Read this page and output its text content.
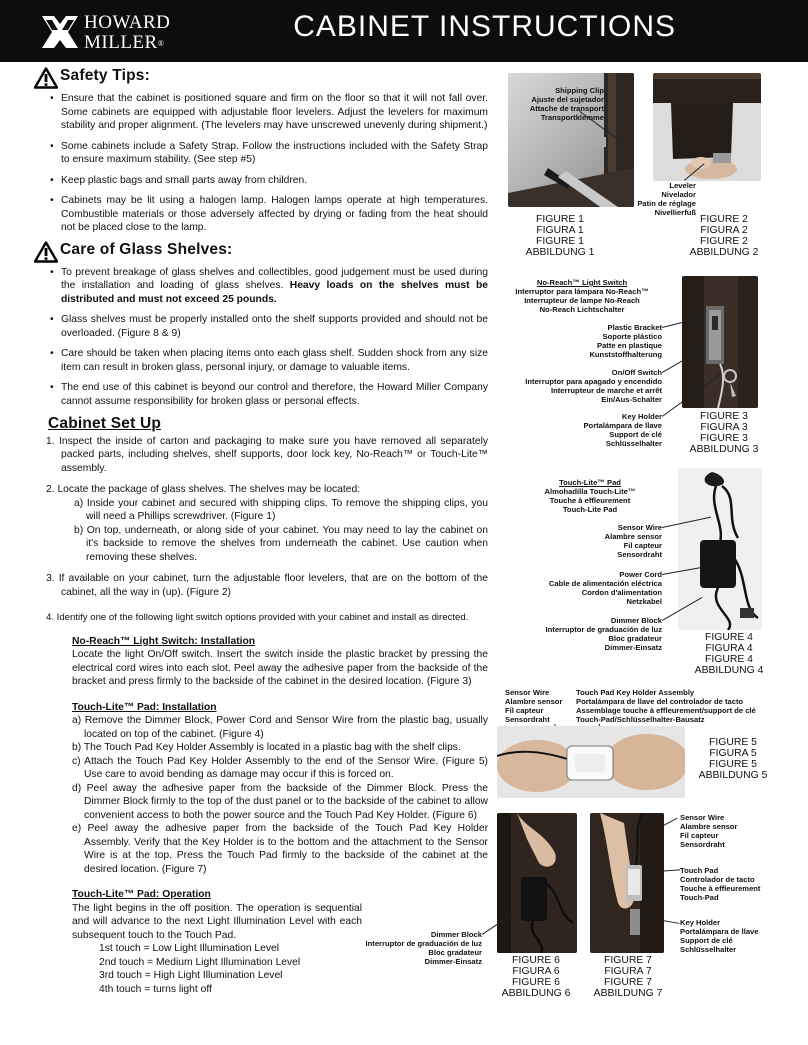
HOWARD
MILLER®
CABINET INSTRUCTIONS
Safety Tips:
• Ensure that the cabinet is positioned square and firm on the floor so that it will not fall over. Some cabinets are equipped with adjustable floor levelers. Adjust the levelers for maximum stability and proper alignment. (The levelers may have unscrewed unevenly during shipment.)
• Some cabinets include a Safety Strap. Follow the instructions included with the Safety Strap to ensure maximum stability. (See step #5)
• Keep plastic bags and small parts away from children.
• Cabinets may be lit using a halogen lamp. Halogen lamps operate at high temperatures. Combustible materials or those adversely affected by drying or fading from the heat should not be placed close to the lamp.
Care of Glass Shelves:
• To prevent breakage of glass shelves and collectibles, good judgement must be used during the installation and loading of glass shelves. Heavy loads on the shelves must be distributed and must not exceed 25 pounds.
• Glass shelves must be properly installed onto the shelf supports provided and should not be overloaded. (Figure 8 & 9)
• Care should be taken when placing items onto each glass shelf. Sudden shock from any size item can result in broken glass, personal injury, or damage to valuable items.
• The end use of this cabinet is beyond our control and therefore, the Howard Miller Company cannot assume responsibility for broken glass or personal effects.
Cabinet Set Up
1. Inspect the inside of carton and packaging to make sure you have removed all separately packed parts, including shelves, shelf supports, door lock key, No-Reach™ or Touch-Lite™ assembly.
2. Locate the package of glass shelves. The shelves may be located:
a) Inside your cabinet and secured with shipping clips. To remove the shipping clips, you will need a Phillips screwdriver. (Figure 1)
b) On top, underneath, or along side of your cabinet. You may need to lay the cabinet on it's backside to remove the shelves from underneath the cabinet. Use caution when removing these shelves.
3. If available on your cabinet, turn the adjustable floor levelers, that are on the bottom of the cabinet, all the way in (up). (Figure 2)
4. Identify one of the following light switch options provided with your cabinet and install as directed.
No-Reach™ Light Switch: Installation
Locate the light On/Off switch. Insert the switch inside the plastic bracket by pressing the electrical cord wires into each slot. Peel away the adhesive paper from the backside of the bracket and press firmly to the backside of the cabinet in the desired location. (Figure 3)
Touch-Lite™ Pad: Installation
a) Remove the Dimmer Block, Power Cord and Sensor Wire from the plastic bag, usually located on top of the cabinet. (Figure 4)
b) The Touch Pad Key Holder Assembly is located in a plastic bag with the shelf clips.
c) Attach the Touch Pad Key Holder Assembly to the end of the Sensor Wire. (Figure 5) Use care to avoid bending as damage may occur if this is forced on.
d) Peel away the adhesive paper from the backside of the Dimmer Block. Press the Dimmer Block firmly to the top of the dust panel or to the backside of the cabinet to allow convenient access to both the power source and the Touch Pad Key Holder. (Figure 6)
e) Peel away the adhesive paper from the backside of the Touch Pad Key Holder Assembly. Verify that the Key Holder is to the bottom and the attachment to the Sensor Wire is at the top. Press the Touch Pad firmly to the backside of the cabinet at the desired location. (Figure 7)
Touch-Lite™ Pad: Operation
The light begins in the off position. The operation is sequential and will advance to the next Light Illumination Level with each subsequent touch to the Touch Pad.
1st touch = Low Light Illumination Level
2nd touch = Medium Light Illumination Level
3rd touch = High Light Illumination Level
4th touch = turns light off
Shipping Clip
Ajuste del sujetador
Attache de transport
Transportklemme
FIGURE 1
FIGURA 1
FIGURE 1
ABBILDUNG 1
Leveler
Nivelador
Patin de réglage
Nivellierfuß
FIGURE 2
FIGURA 2
FIGURE 2
ABBILDUNG 2
No-Reach™ Light Switch
Interruptor para lámpara No-Reach™
Interrupteur de lampe No-Reach
No-Reach Lichtschalter
Plastic Bracket
Soporte plástico
Patte en plastique
Kunststoffhalterung
On/Off Switch
Interruptor para apagado y encendido
Interrupteur de marche et arrêt
Ein/Aus-Schalter
Key Holder
Portalámpara de llave
Support de clé
Schlüsselhalter
FIGURE 3
FIGURA 3
FIGURE 3
ABBILDUNG 3
Touch-Lite™ Pad
Almohadilla Touch-Lite™
Touche à effleurement
Touch-Lite Pad
Sensor Wire
Alambre sensor
Fil capteur
Sensordraht
Power Cord
Cable de alimentación eléctrica
Cordon d'alimentation
Netzkabel
Dimmer Block
Interruptor de graduación de luz
Bloc gradateur
Dimmer-Einsatz
FIGURE 4
FIGURA 4
FIGURE 4
ABBILDUNG 4
Sensor Wire
Alambre sensor
Fil capteur
Sensordraht
Touch Pad Key Holder Assembly
Portalámpara de llave del controlador de tacto
Assemblage touche à effleurement/support de clé
Touch-Pad/Schlüsselhalter-Bausatz
FIGURE 5
FIGURA 5
FIGURE 5
ABBILDUNG 5
Dimmer Block
Interruptor de graduación de luz
Bloc gradateur
Dimmer-Einsatz	FIGURE 6
FIGURA 6
FIGURE 6
ABBILDUNG 6
Sensor Wire
Alambre sensor
Fil capteur
Sensordraht
Touch Pad
Controlador de tacto
Touche à effleurement
Touch-Pad
Key Holder
Portalámpara de llave
Support de clé
Schlüsselhalter
FIGURE 7
FIGURA 7
FIGURE 7
ABBILDUNG 7
